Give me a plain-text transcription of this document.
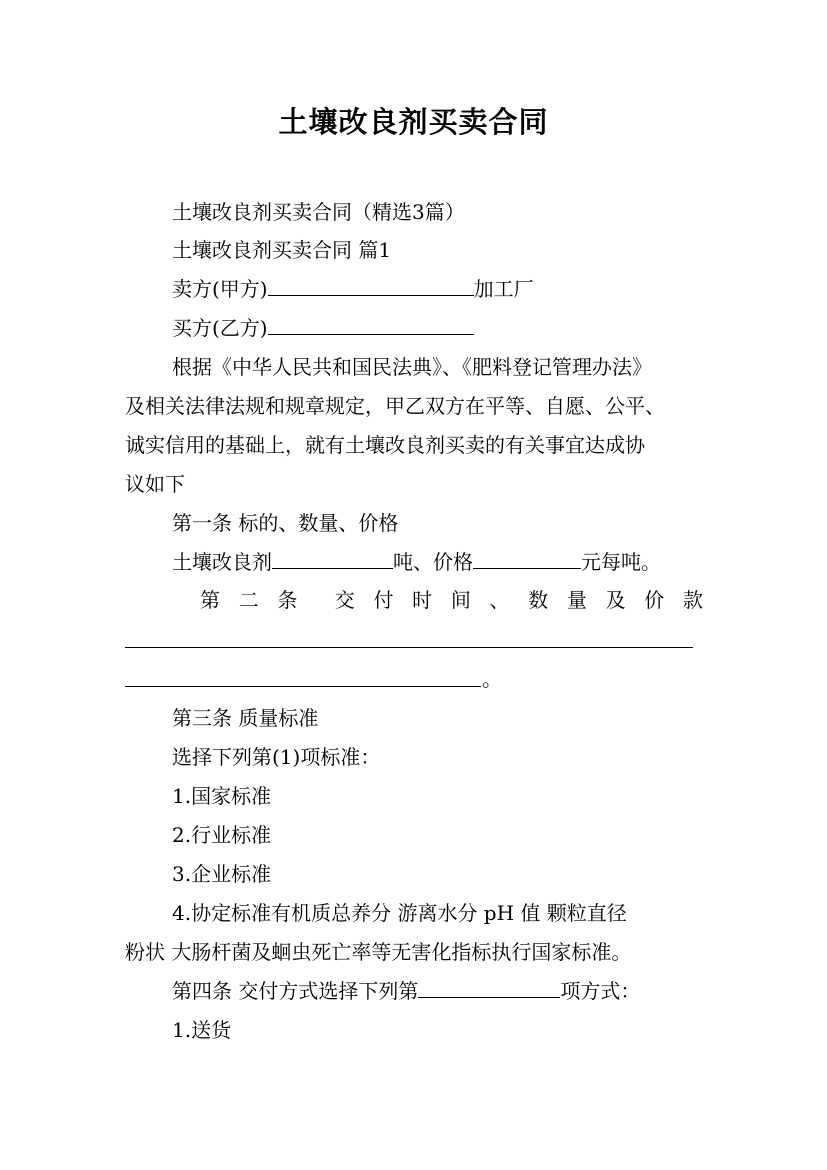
土壤改良剂买卖合同
土壤改良剂买卖合同（精选3篇）
土壤改良剂买卖合同 篇1
卖方(甲方)	加工厂
买方(乙方)
根据《中华人民共和国民法典》、《肥料登记管理办法》
及相关法律法规和规章规定，甲乙双方在平等、自愿、公平、
诚实信用的基础上，就有土壤改良剂买卖的有关事宜达成协
议如下
第一条 标的、数量、价格
土壤改良剂	吨、价格	元每吨。
第 二 条 交 付 时 间 、 数 量 及 价 款
。
第三条 质量标准
选择下列第(1)项标准：
1.国家标准
2.行业标准
3.企业标准
4.协定标准有机质总养分 游离水分 pH 值 颗粒直径
粉状 大肠杆菌及蛔虫死亡率等无害化指标执行国家标准。
第四条 交付方式选择下列第	项方式：
1.送货
